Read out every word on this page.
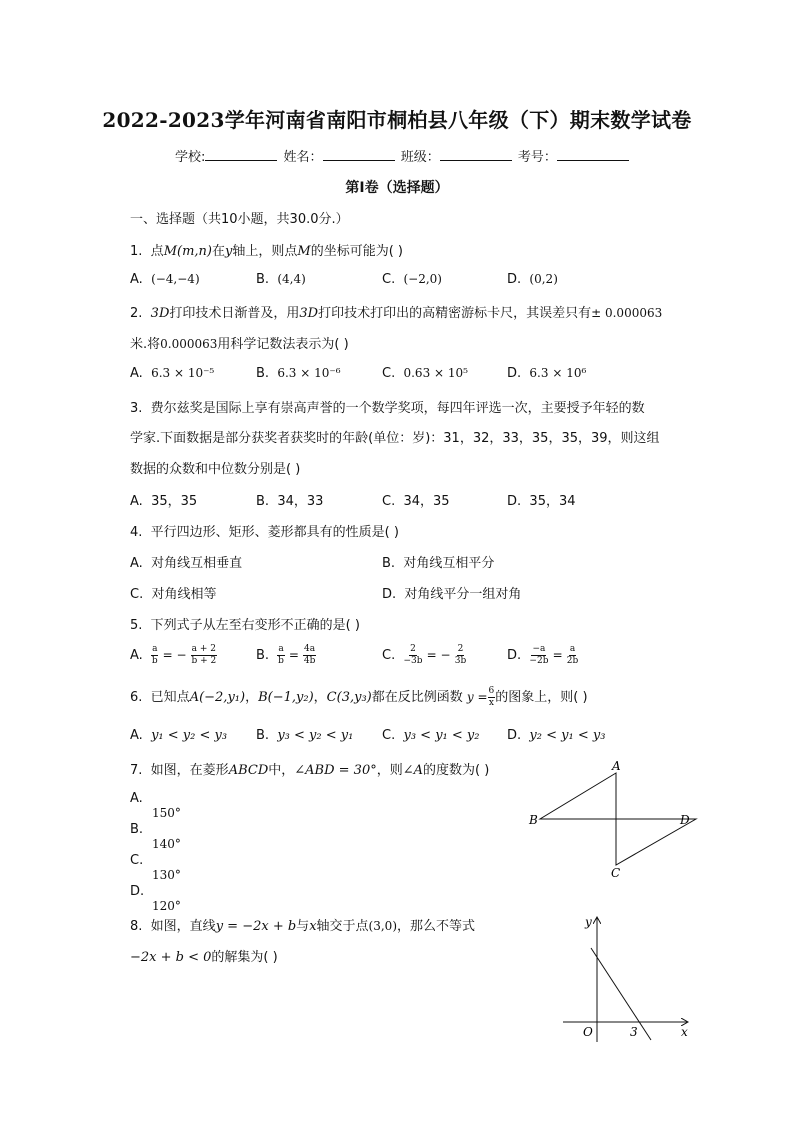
2022-2023学年河南省南阳市桐柏县八年级（下）期末数学试卷
学校:	姓名：	班级：	考号：
第I卷（选择题）
一、选择题（共10小题，共30.0分.）
1. 点M(m,n)在y轴上，则点M的坐标可能为( )
A. (−4,−4)	B. (4,4)	C. (−2,0)	D. (0,2)
2. 3D打印技术日渐普及，用3D打印技术打印出的高精密游标卡尺，其误差只有± 0.000063
米.将0.000063用科学记数法表示为( )
A. 6.3 × 10⁻⁵	B. 6.3 × 10⁻⁶	C. 0.63 × 10⁵	D. 6.3 × 10⁶
3. 费尔兹奖是国际上享有崇高声誉的一个数学奖项，每四年评选一次，主要授予年轻的数
学家.下面数据是部分获奖者获奖时的年龄(单位：岁)：31，32，33，35，35，39，则这组
数据的众数和中位数分别是( )
A. 35，35	B. 34，33	C. 34，35	D. 35，34
4. 平行四边形、矩形、菱形都具有的性质是( )
A. 对角线互相垂直	B. 对角线互相平分
C. 对角线相等	D. 对角线平分一组对角
5. 下列式子从左至右变形不正确的是( )
A. $\frac{a}{b}$ = − $\frac{a + 2}{b + 2}$	B. $\frac{a}{b} = \frac{4a}{4b}$	C. $\frac{2}{-3b}$ = − $\frac{2}{3b}$	D. $\frac{-a}{-2b} = \frac{a}{2b}$
6. 已知点A(−2,y₁)，B(−1,y₂)，C(3,y₃)都在反比例函数 $y = \frac{6}{x}$ 的图象上，则( )
A. y₁ < y₂ < y₃ B. y₃ < y₂ < y₁ C. y₃ < y₁ < y₂ D. y₂ < y₁ < y₃
7. 如图，在菱形ABCD中，∠ABD = 30°，则∠A的度数为( )
A.
150°
B.
140°
C.
130°
D.
120°
A
B	D
C
8. 如图，直线y = −2x + b与x轴交于点(3,0)，那么不等式
−2x + b < 0的解集为( )
y
x
O	3
